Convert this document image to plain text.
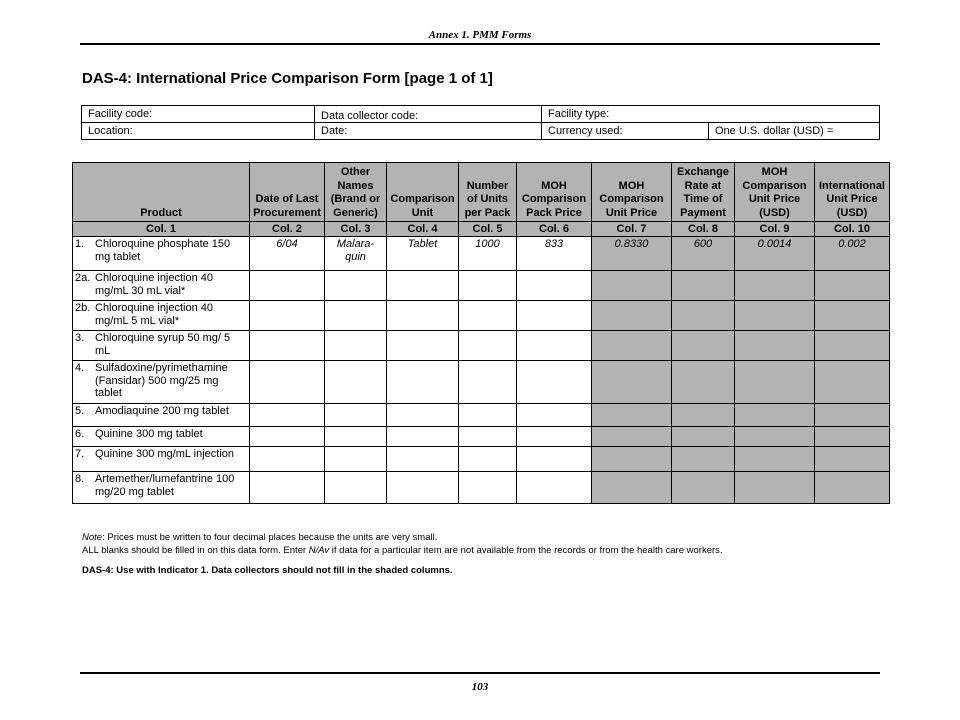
Annex 1. PMM Forms
DAS-4: International Price Comparison Form [page 1 of 1]
Facility code:	Data collector code:	Facility type:	
Location:	Date:	Currency used:	One U.S. dollar (USD) =
Product	Date of Last Procurement	Other Names (Brand or Generic)	Comparison Unit	Number of Units per Pack	MOH Comparison Pack Price	MOH Comparison Unit Price	Exchange Rate at Time of Payment	MOH Comparison Unit Price (USD)	International Unit Price (USD)
Col. 1	Col. 2	Col. 3	Col. 4	Col. 5	Col. 6	Col. 7	Col. 8	Col. 9	Col. 10
1. Chloroquine phosphate 150 mg tablet	6/04	Malara-quin	Tablet	1000	833	0.8330	600	0.0014	0.002
2a. Chloroquine injection 40 mg/mL 30 mL vial*									
2b. Chloroquine injection 40 mg/mL 5 mL vial*									
3. Chloroquine syrup 50 mg/ 5 mL									
4. Sulfadoxine/pyrimethamine (Fansidar) 500 mg/25 mg tablet									
5. Amodiaquine 200 mg tablet									
6. Quinine 300 mg tablet									
7. Quinine 300 mg/mL injection									
8. Artemether/lumefantrine 100 mg/20 mg tablet									
Note: Prices must be written to four decimal places because the units are very small.
ALL blanks should be filled in on this data form. Enter N/Av if data for a particular item are not available from the records or from the health care workers.
DAS-4: Use with Indicator 1. Data collectors should not fill in the shaded columns.
103
